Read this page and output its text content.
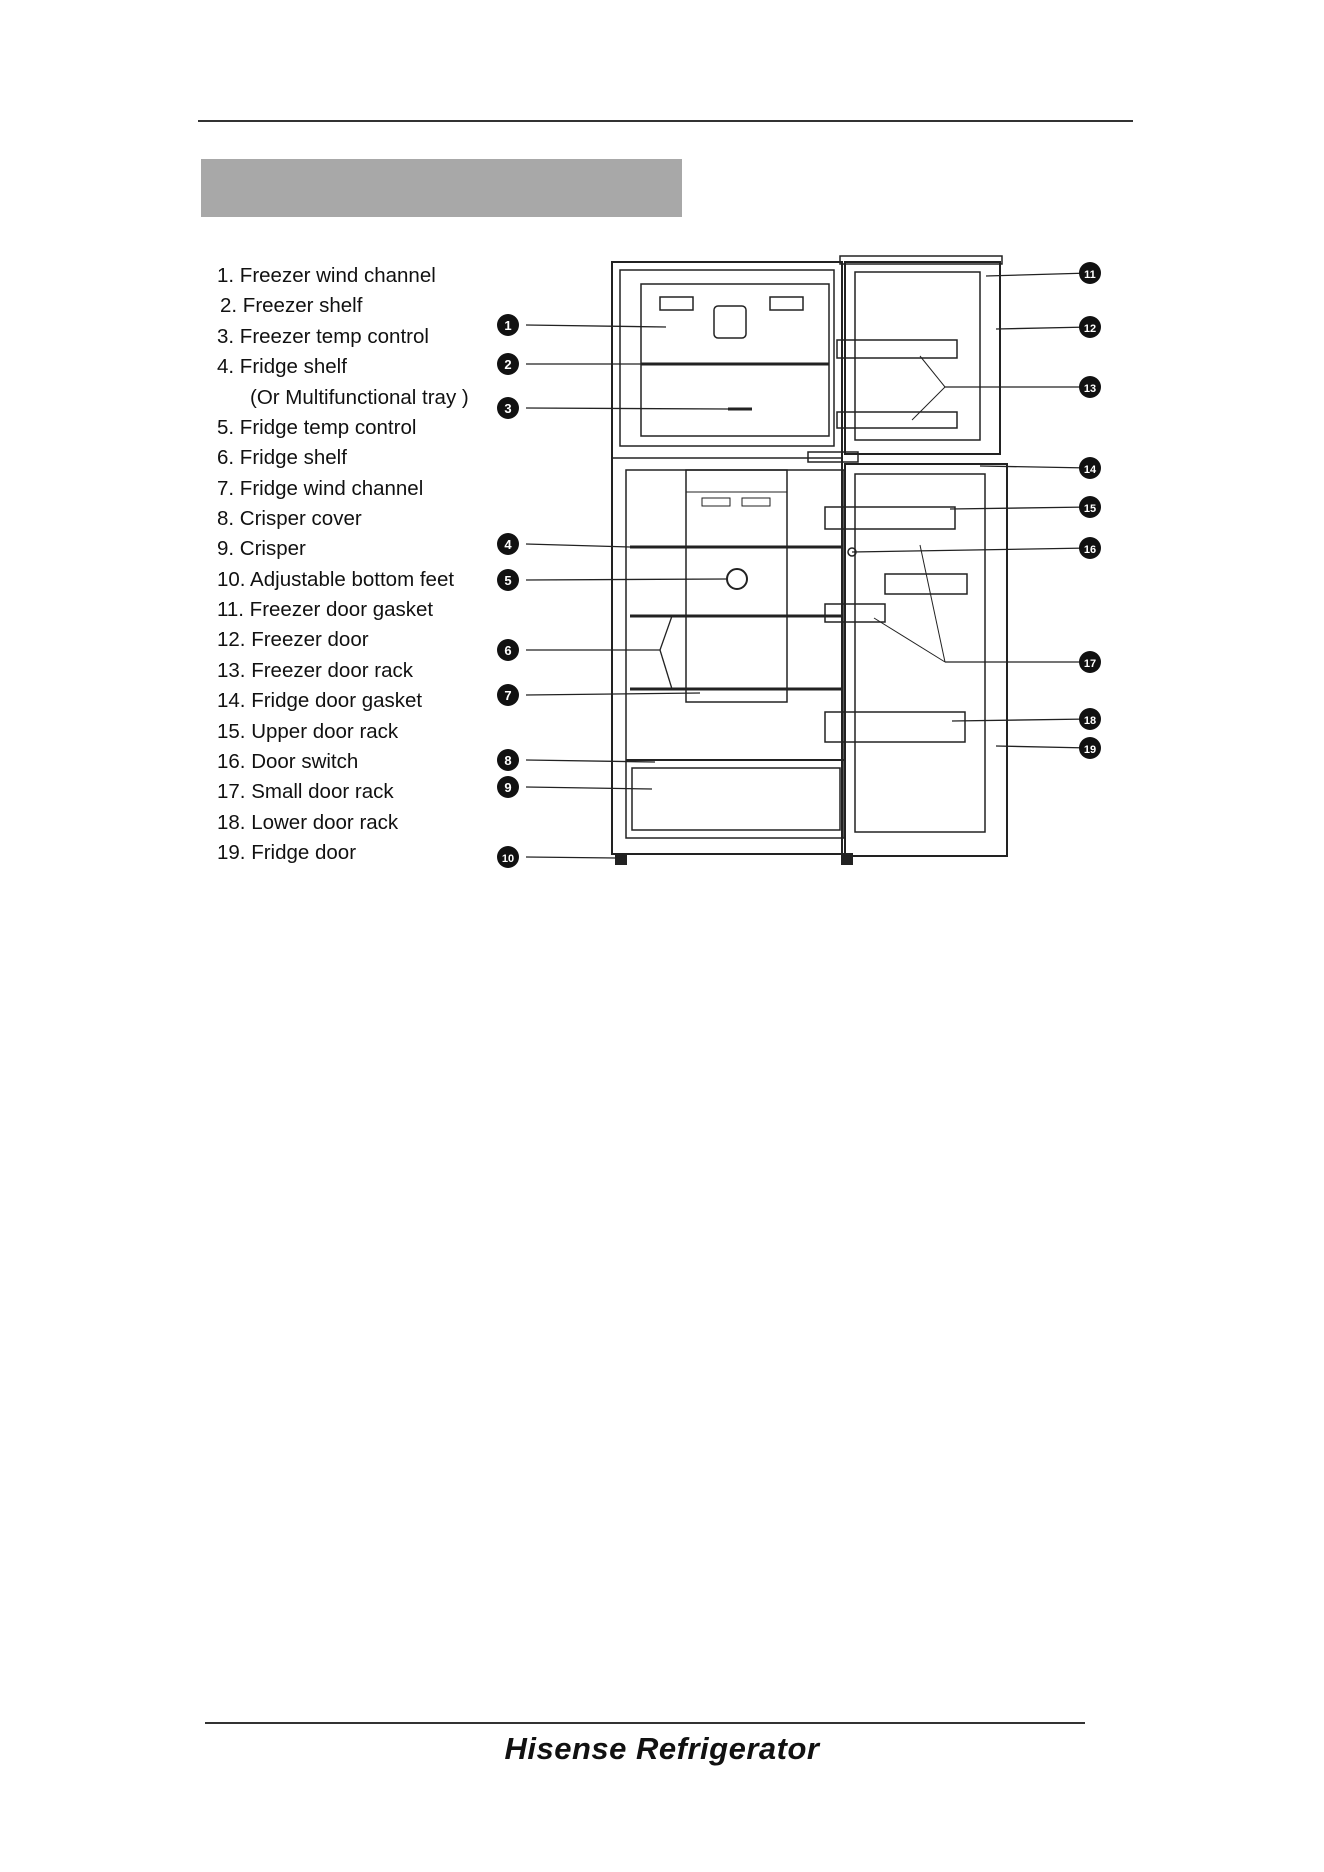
1. Freezer wind channel
2. Freezer shelf
3. Freezer temp control
4. Fridge shelf
(Or Multifunctional tray )
5. Fridge temp control
6. Fridge shelf
7. Fridge wind channel
8. Crisper cover
9. Crisper
10. Adjustable bottom feet
11. Freezer door gasket
12. Freezer door
13. Freezer door rack
14. Fridge door gasket
15. Upper door rack
16. Door switch
17. Small door rack
18. Lower door rack
19. Fridge door
1
2
3
4
5
6
7
8
9
10
11
12
13
14
15
16
17
18
19
Hisense Refrigerator
